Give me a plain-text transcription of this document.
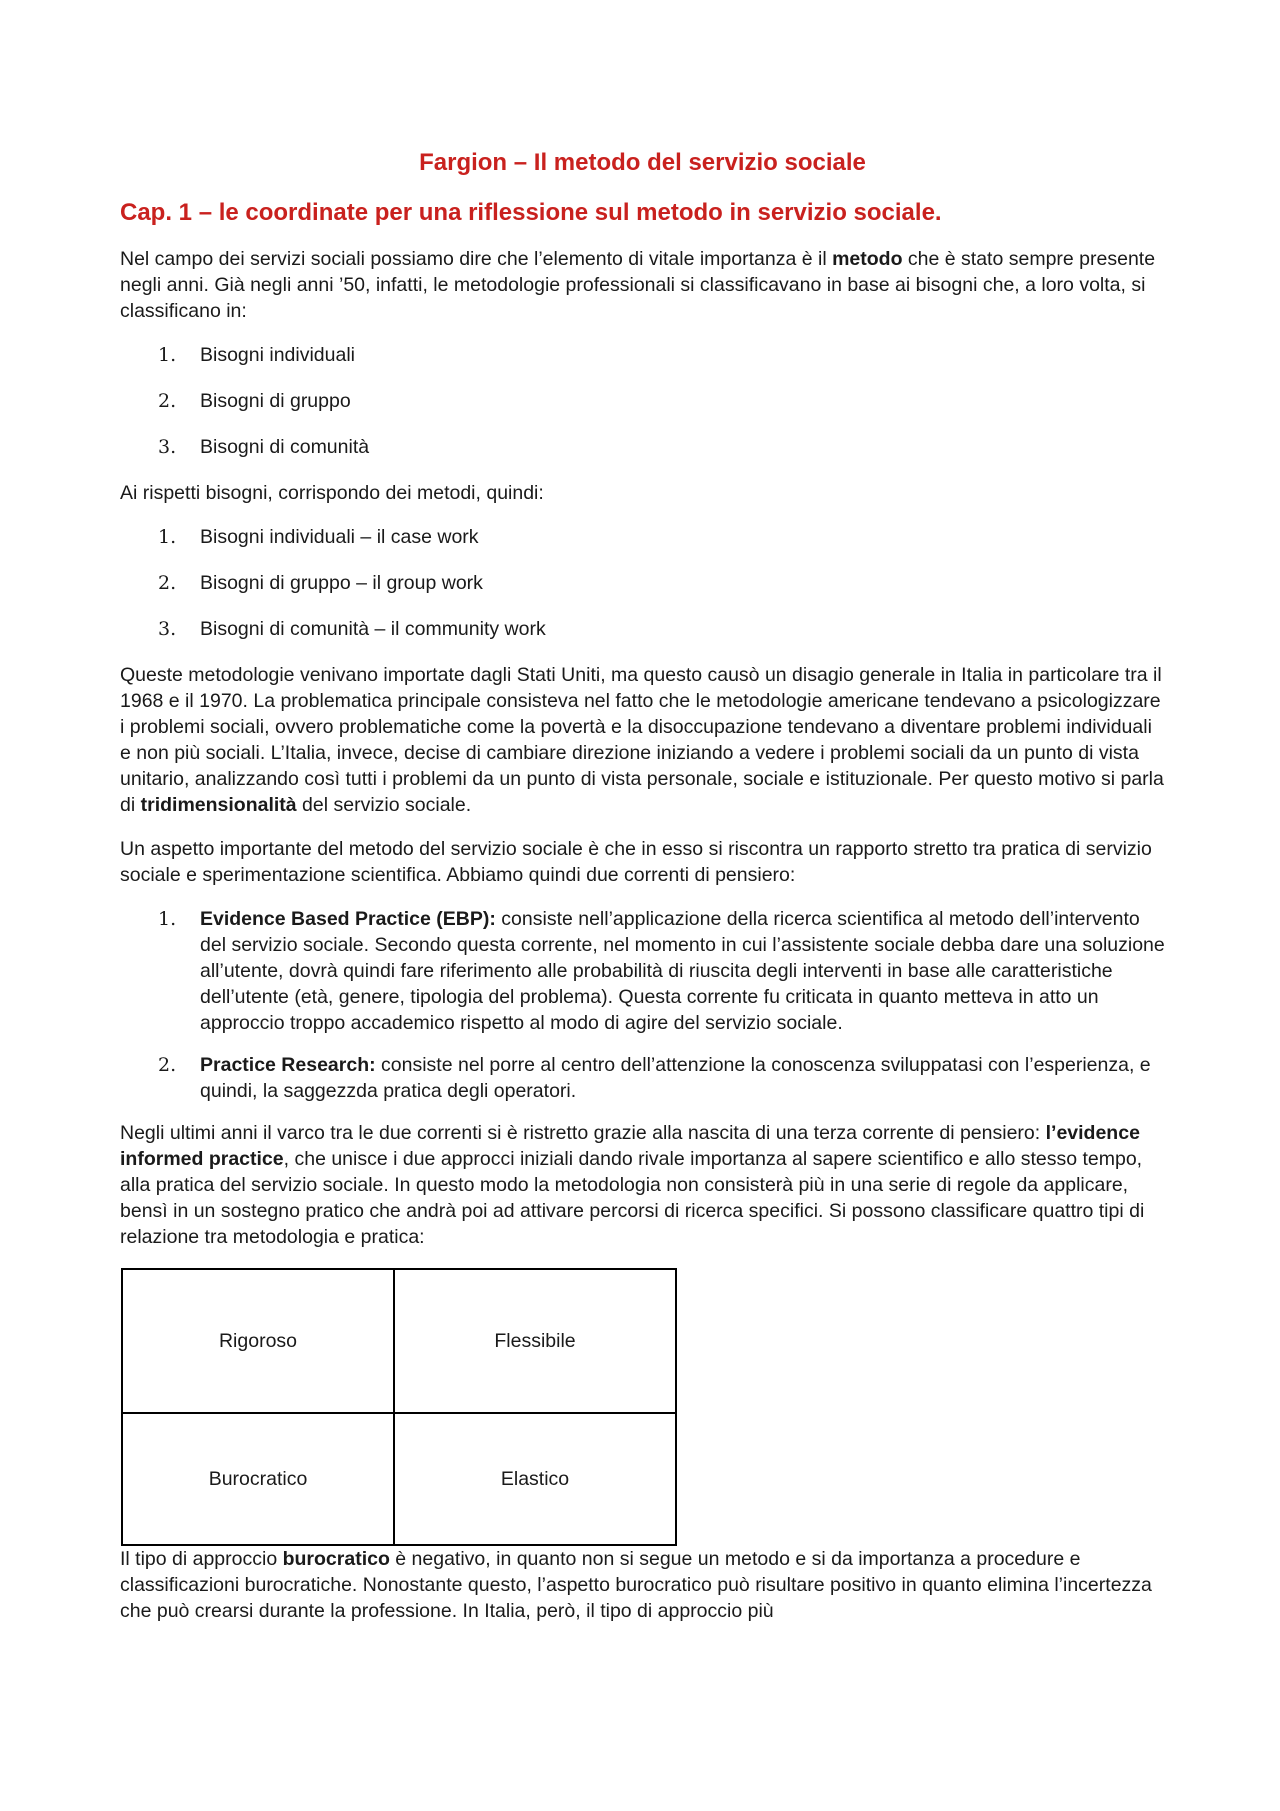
Fargion – Il metodo del servizio sociale
Cap. 1 – le coordinate per una riflessione sul metodo in servizio sociale.

Nel campo dei servizi sociali possiamo dire che l’elemento di vitale importanza è il metodo che è stato sempre presente negli anni. Già negli anni ’50, infatti, le metodologie professionali si classificavano in base ai bisogni che, a loro volta, si classificano in:

1. Bisogni individuali
2. Bisogni di gruppo
3. Bisogni di comunità

Ai rispetti bisogni, corrispondo dei metodi, quindi:

1. Bisogni individuali – il case work
2. Bisogni di gruppo – il group work
3. Bisogni di comunità – il community work

Queste metodologie venivano importate dagli Stati Uniti, ma questo causò un disagio generale in Italia in particolare tra il 1968 e il 1970. La problematica principale consisteva nel fatto che le metodologie americane tendevano a psicologizzare i problemi sociali, ovvero problematiche come la povertà e la disoccupazione tendevano a diventare problemi individuali e non più sociali. L’Italia, invece, decise di cambiare direzione iniziando a vedere i problemi sociali da un punto di vista unitario, analizzando così tutti i problemi da un punto di vista personale, sociale e istituzionale. Per questo motivo si parla di tridimensionalità del servizio sociale.

Un aspetto importante del metodo del servizio sociale è che in esso si riscontra un rapporto stretto tra pratica di servizio sociale e sperimentazione scientifica. Abbiamo quindi due correnti di pensiero:

1. Evidence Based Practice (EBP): consiste nell’applicazione della ricerca scientifica al metodo dell’intervento del servizio sociale. Secondo questa corrente, nel momento in cui l’assistente sociale debba dare una soluzione all’utente, dovrà quindi fare riferimento alle probabilità di riuscita degli interventi in base alle caratteristiche dell’utente (età, genere, tipologia del problema). Questa corrente fu criticata in quanto metteva in atto un approccio troppo accademico rispetto al modo di agire del servizio sociale.
2. Practice Research: consiste nel porre al centro dell’attenzione la conoscenza sviluppatasi con l’esperienza, e quindi, la saggezzda pratica degli operatori.

Negli ultimi anni il varco tra le due correnti si è ristretto grazie alla nascita di una terza corrente di pensiero: l’evidence informed practice, che unisce i due approcci iniziali dando rivale importanza al sapere scientifico e allo stesso tempo, alla pratica del servizio sociale. In questo modo la metodologia non consisterà più in una serie di regole da applicare, bensì in un sostegno pratico che andrà poi ad attivare percorsi di ricerca specifici. Si possono classificare quattro tipi di relazione tra metodologia e pratica:

Rigoroso	Flessibile
Burocratico	Elastico

Il tipo di approccio burocratico è negativo, in quanto non si segue un metodo e si da importanza a procedure e classificazioni burocratiche. Nonostante questo, l’aspetto burocratico può risultare positivo in quanto elimina l’incertezza che può crearsi durante la professione. In Italia, però, il tipo di approccio più
